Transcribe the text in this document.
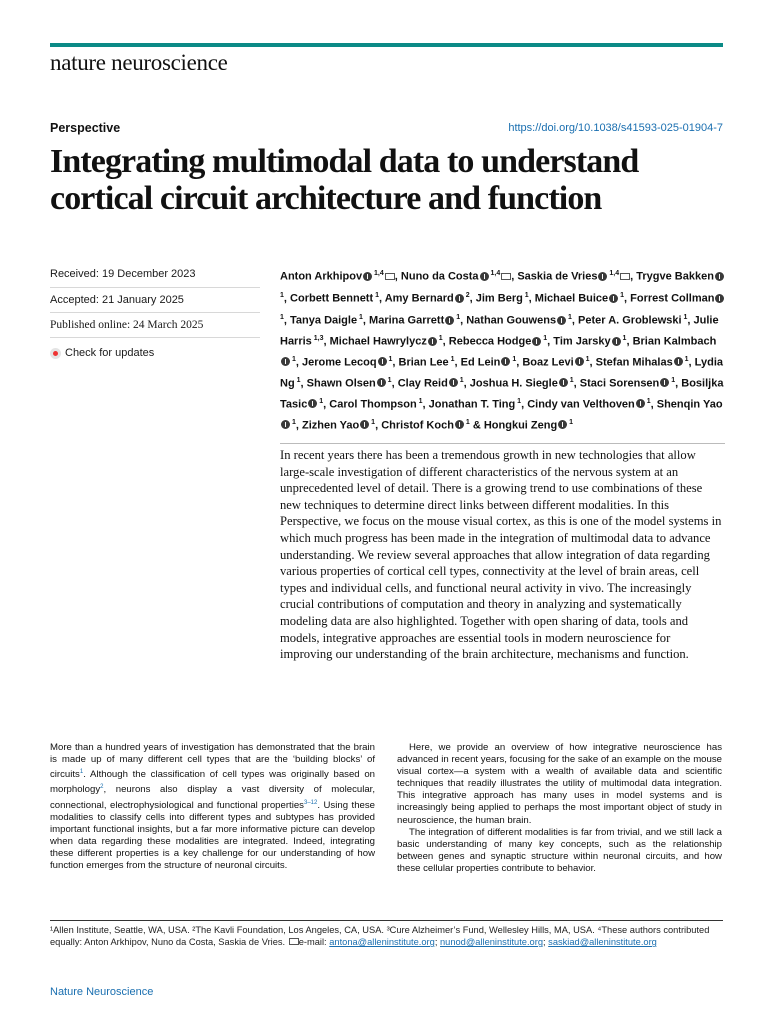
nature neuroscience
Perspective	https://doi.org/10.1038/s41593-025-01904-7
Integrating multimodal data to understand cortical circuit architecture and function
Received: 19 December 2023
Accepted: 21 January 2025
Published online: 24 March 2025
Check for updates

Anton Arkhipov $^{1,4}$ , Nuno da Costa $^{1,4}$ , Saskia de Vries $^{1,4}$ , Trygve Bakken $^1$, Corbett Bennett $^1$, Amy Bernard $^2$, Jim Berg $^1$, Michael Buice $^1$, Forrest Collman $^1$, Tanya Daigle $^1$, Marina Garrett $^1$, Nathan Gouwens $^1$, Peter A. Groblewski $^1$, Julie Harris $^{1,3}$, Michael Hawrylycz $^1$, Rebecca Hodge $^1$, Tim Jarsky $^1$, Brian Kalmbach $^1$, Jerome Lecoq $^1$, Brian Lee $^1$, Ed Lein $^1$, Boaz Levi $^1$, Stefan Mihalas $^1$, Lydia Ng $^1$, Shawn Olsen $^1$, Clay Reid $^1$, Joshua H. Siegle $^1$, Staci Sorensen $^1$, Bosiljka Tasic $^1$, Carol Thompson $^1$, Jonathan T. Ting $^1$, Cindy van Velthoven $^1$, Shenqin Yao $^1$, Zizhen Yao $^1$, Christof Koch $^1$ & Hongkui Zeng $^1$

In recent years there has been a tremendous growth in new technologies that allow large-scale investigation of different characteristics of the nervous system at an unprecedented level of detail. There is a growing trend to use combinations of these new techniques to determine direct links between different modalities. In this Perspective, we focus on the mouse visual cortex, as this is one of the model systems in which much progress has been made in the integration of multimodal data to advance understanding. We review several approaches that allow integration of data regarding various properties of cortical cell types, connectivity at the level of brain areas, cell types and individual cells, and functional neural activity in vivo. The increasingly crucial contributions of computation and theory in analyzing and systematically modeling data are also highlighted. Together with open sharing of data, tools and models, integrative approaches are essential tools in modern neuroscience for improving our understanding of the brain architecture, mechanisms and function.

More than a hundred years of investigation has demonstrated that the brain is made up of many different cell types that are the ‘building blocks’ of circuits$^1$. Although the classification of cell types was originally based on morphology$^2$, neurons also display a vast diversity of molecular, connectional, electrophysiological and functional properties$^{3-12}$. Using these modalities to classify cells into different types and subtypes has provided important functional insights, but a far more informative picture can develop when data regarding these modalities are integrated. Indeed, integrating these different properties is a key challenge for our understanding of how function emerges from the structure of neuronal circuits.

Here, we provide an overview of how integrative neuroscience has advanced in recent years, focusing for the sake of an example on the mouse visual cortex—a system with a wealth of available data and scientific techniques that readily illustrates the utility of multimodal data integration. This integrative approach has many uses in model systems and is increasingly being applied to perhaps the most important object of study in neuroscience, the human brain.

The integration of different modalities is far from trivial, and we still lack a basic understanding of many key concepts, such as the relationship between genes and synaptic structure within neuronal circuits, and how these cellular properties contribute to behavior.

¹Allen Institute, Seattle, WA, USA. ²The Kavli Foundation, Los Angeles, CA, USA. ³Cure Alzheimer’s Fund, Wellesley Hills, MA, USA. ⁴These authors contributed equally: Anton Arkhipov, Nuno da Costa, Saskia de Vries. e-mail: antona@alleninstitute.org; nunod@alleninstitute.org; saskiad@alleninstitute.org
Nature Neuroscience
